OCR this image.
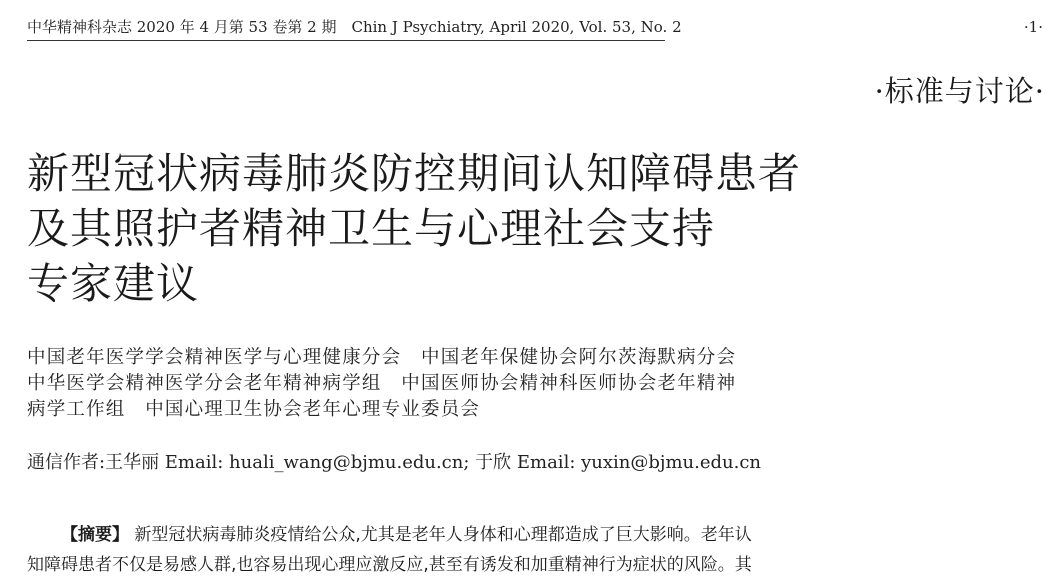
中华精神科杂志 2020 年 4 月第 53 卷第 2 期　Chin J Psychiatry, April 2020, Vol. 53, No. 2	·1·
·标准与讨论·
新型冠状病毒肺炎防控期间认知障碍患者
及其照护者精神卫生与心理社会支持
专家建议
中国老年医学学会精神医学与心理健康分会　中国老年保健协会阿尔茨海默病分会
中华医学会精神医学分会老年精神病学组　中国医师协会精神科医师协会老年精神
病学工作组　中国心理卫生协会老年心理专业委员会
通信作者:王华丽 Email: huali_wang@bjmu.edu.cn; 于欣 Email: yuxin@bjmu.edu.cn
【摘要】 新型冠状病毒肺炎疫情给公众,尤其是老年人身体和心理都造成了巨大影响。老年认
知障碍患者不仅是易感人群,也容易出现心理应激反应,甚至有诱发和加重精神行为症状的风险。其
